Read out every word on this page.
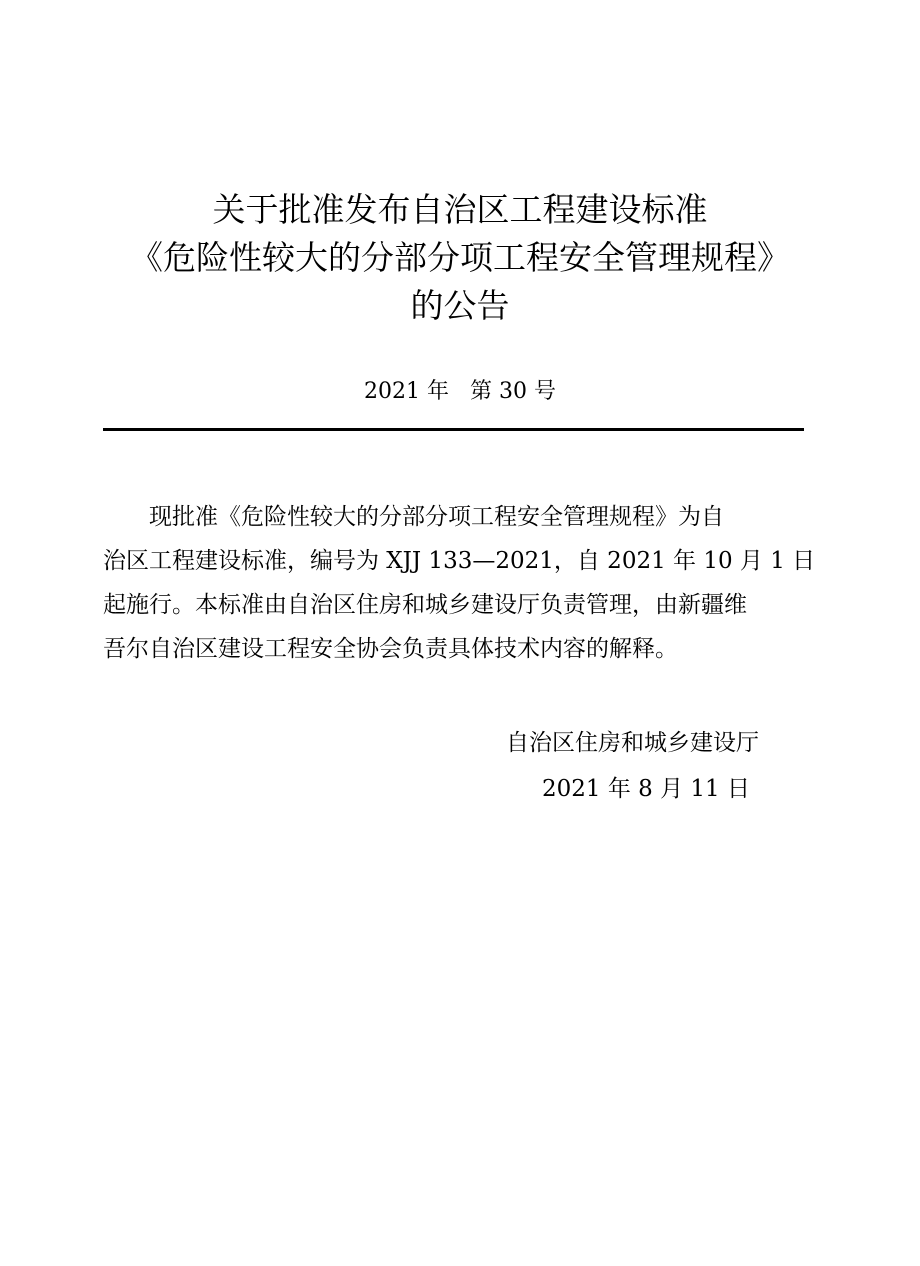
关于批准发布自治区工程建设标准
《危险性较大的分部分项工程安全管理规程》
的公告
2021 年   第 30 号
现批准《危险性较大的分部分项工程安全管理规程》为自
治区工程建设标准，编号为 XJJ 133—2021，自 2021 年 10 月 1 日
起施行。本标准由自治区住房和城乡建设厅负责管理，由新疆维
吾尔自治区建设工程安全协会负责具体技术内容的解释。
自治区住房和城乡建设厅
2021 年 8 月 11 日
